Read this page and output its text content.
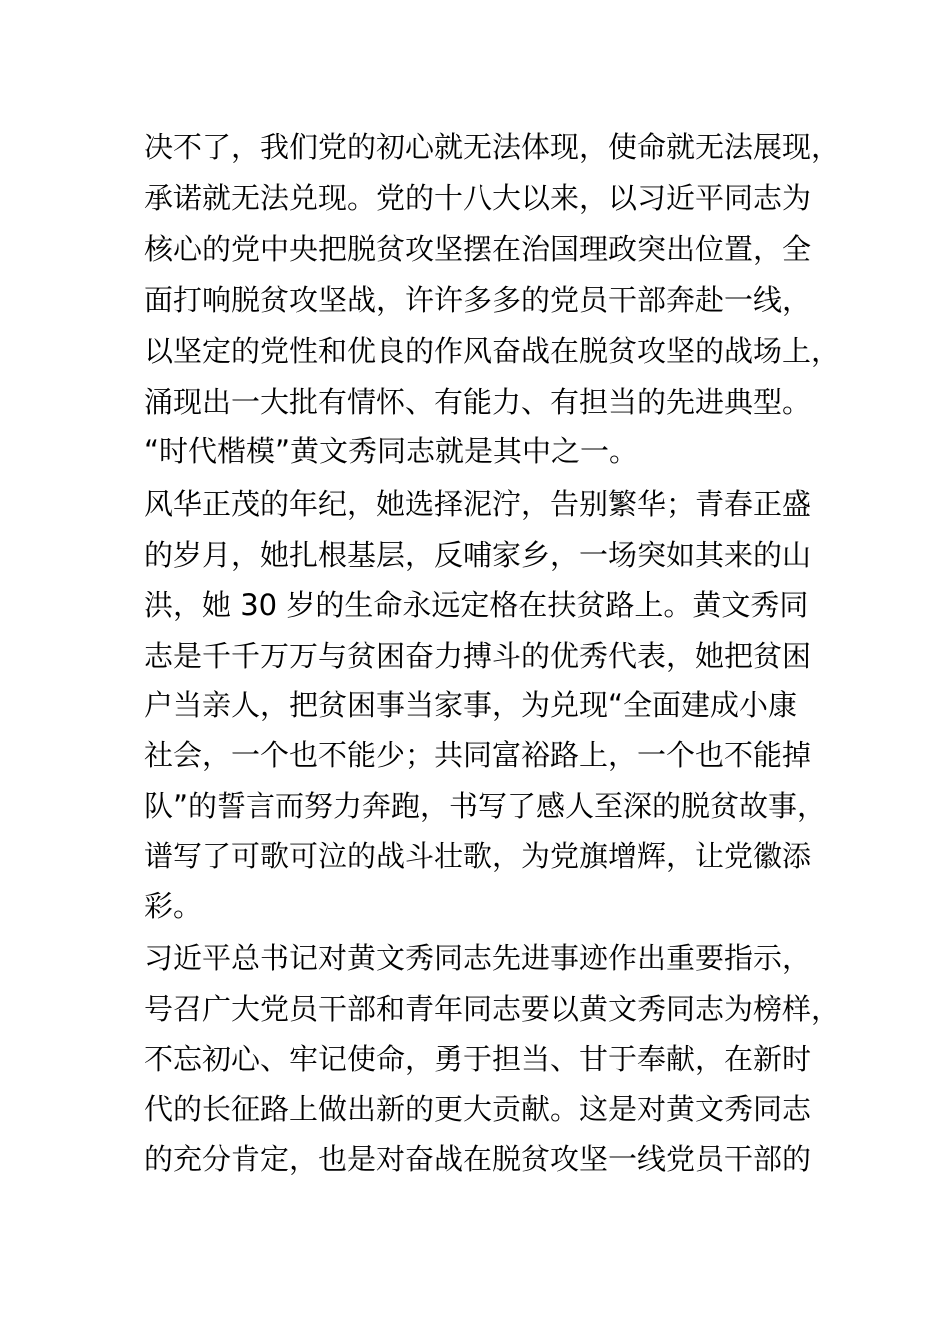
决不了，我们党的初心就无法体现，使命就无法展现，
承诺就无法兑现。党的十八大以来，以习近平同志为
核心的党中央把脱贫攻坚摆在治国理政突出位置，全
面打响脱贫攻坚战，许许多多的党员干部奔赴一线，
以坚定的党性和优良的作风奋战在脱贫攻坚的战场上，
涌现出一大批有情怀、有能力、有担当的先进典型。
“时代楷模”黄文秀同志就是其中之一。
风华正茂的年纪，她选择泥泞，告别繁华；青春正盛
的岁月，她扎根基层，反哺家乡，一场突如其来的山
洪，她 30 岁的生命永远定格在扶贫路上。黄文秀同
志是千千万万与贫困奋力搏斗的优秀代表，她把贫困
户当亲人，把贫困事当家事，为兑现“全面建成小康
社会，一个也不能少；共同富裕路上，一个也不能掉
队”的誓言而努力奔跑，书写了感人至深的脱贫故事，
谱写了可歌可泣的战斗壮歌，为党旗增辉，让党徽添
彩。
习近平总书记对黄文秀同志先进事迹作出重要指示，
号召广大党员干部和青年同志要以黄文秀同志为榜样，
不忘初心、牢记使命，勇于担当、甘于奉献，在新时
代的长征路上做出新的更大贡献。这是对黄文秀同志
的充分肯定，也是对奋战在脱贫攻坚一线党员干部的
